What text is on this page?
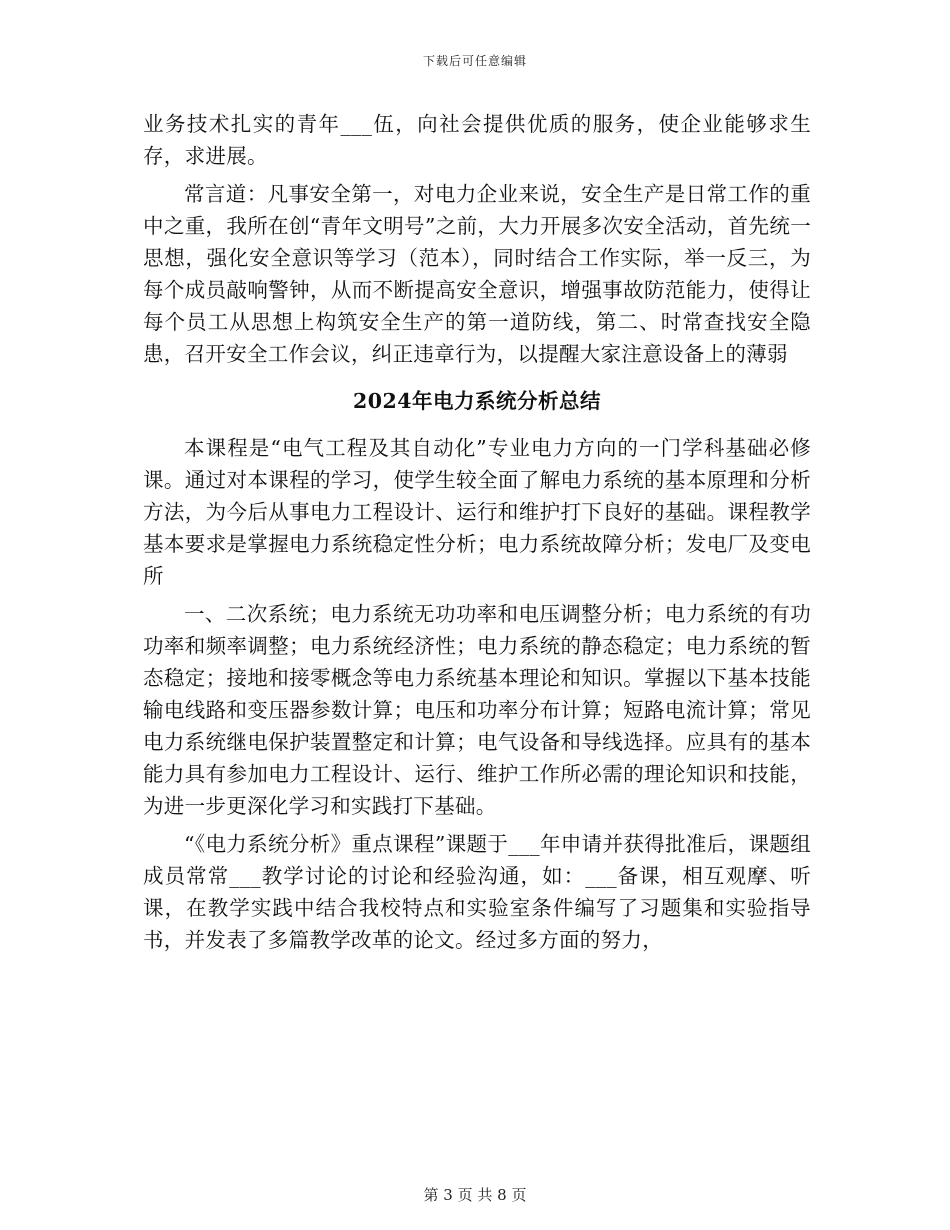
下载后可任意编辑

业务技术扎实的青年___伍，向社会提供优质的服务，使企业能够求生存，求进展。

常言道：凡事安全第一，对电力企业来说，安全生产是日常工作的重中之重，我所在创“青年文明号”之前，大力开展多次安全活动，首先统一思想，强化安全意识等学习（范本），同时结合工作实际，举一反三，为每个成员敲响警钟，从而不断提高安全意识，增强事故防范能力，使得让每个员工从思想上构筑安全生产的第一道防线，第二、时常查找安全隐患，召开安全工作会议，纠正违章行为，以提醒大家注意设备上的薄弱

2024年电力系统分析总结

本课程是“电气工程及其自动化”专业电力方向的一门学科基础必修课。通过对本课程的学习，使学生较全面了解电力系统的基本原理和分析方法，为今后从事电力工程设计、运行和维护打下良好的基础。课程教学基本要求是掌握电力系统稳定性分析；电力系统故障分析；发电厂及变电所

一、二次系统；电力系统无功功率和电压调整分析；电力系统的有功功率和频率调整；电力系统经济性；电力系统的静态稳定；电力系统的暂态稳定；接地和接零概念等电力系统基本理论和知识。掌握以下基本技能输电线路和变压器参数计算；电压和功率分布计算；短路电流计算；常见电力系统继电保护装置整定和计算；电气设备和导线选择。应具有的基本能力具有参加电力工程设计、运行、维护工作所必需的理论知识和技能，为进一步更深化学习和实践打下基础。

“《电力系统分析》重点课程”课题于___年申请并获得批准后，课题组成员常常___教学讨论的讨论和经验沟通，如：___备课，相互观摩、听课，在教学实践中结合我校特点和实验室条件编写了习题集和实验指导书，并发表了多篇教学改革的论文。经过多方面的努力，

第 3 页 共 8 页
